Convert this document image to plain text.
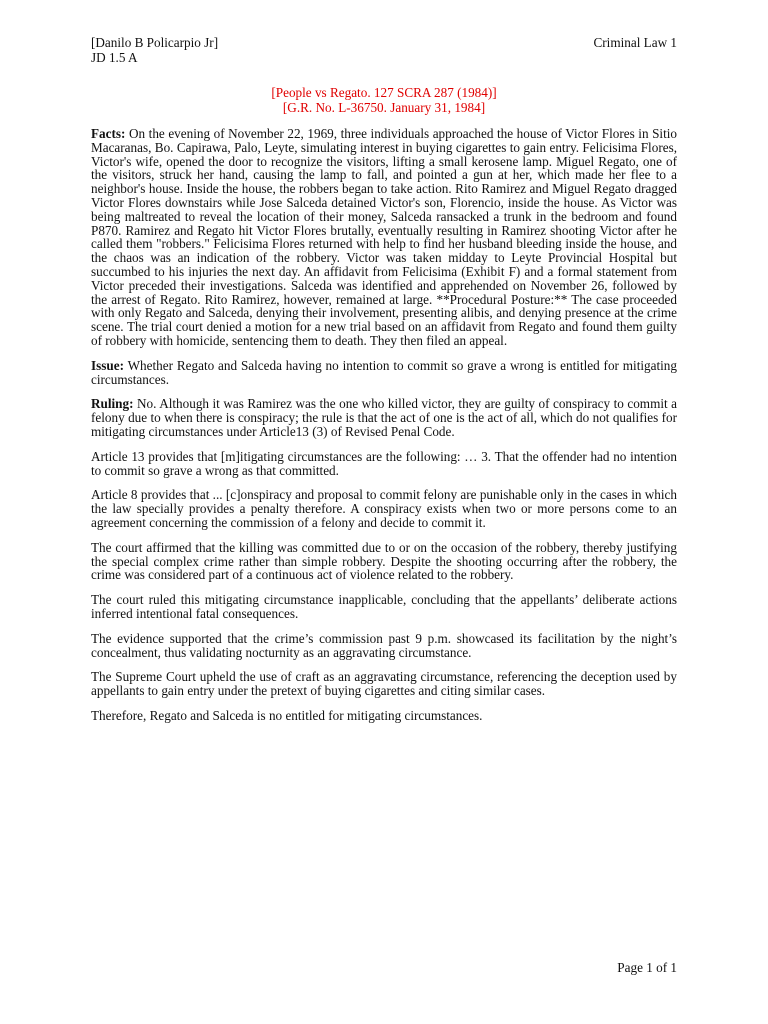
[Danilo B Policarpio Jr]
JD 1.5 A
Criminal Law 1
[People vs Regato. 127 SCRA 287 (1984)]
[G.R. No. L-36750. January 31, 1984]

Facts: On the evening of November 22, 1969, three individuals approached the house of Victor Flores in Sitio Macaranas, Bo. Capirawa, Palo, Leyte, simulating interest in buying cigarettes to gain entry. Felicisima Flores, Victor's wife, opened the door to recognize the visitors, lifting a small kerosene lamp. Miguel Regato, one of the visitors, struck her hand, causing the lamp to fall, and pointed a gun at her, which made her flee to a neighbor's house. Inside the house, the robbers began to take action. Rito Ramirez and Miguel Regato dragged Victor Flores downstairs while Jose Salceda detained Victor's son, Florencio, inside the house. As Victor was being maltreated to reveal the location of their money, Salceda ransacked a trunk in the bedroom and found P870. Ramirez and Regato hit Victor Flores brutally, eventually resulting in Ramirez shooting Victor after he called them "robbers." Felicisima Flores returned with help to find her husband bleeding inside the house, and the chaos was an indication of the robbery. Victor was taken midday to Leyte Provincial Hospital but succumbed to his injuries the next day. An affidavit from Felicisima (Exhibit F) and a formal statement from Victor preceded their investigations. Salceda was identified and apprehended on November 26, followed by the arrest of Regato. Rito Ramirez, however, remained at large. **Procedural Posture:** The case proceeded with only Regato and Salceda, denying their involvement, presenting alibis, and denying presence at the crime scene. The trial court denied a motion for a new trial based on an affidavit from Regato and found them guilty of robbery with homicide, sentencing them to death. They then filed an appeal.

Issue: Whether Regato and Salceda having no intention to commit so grave a wrong is entitled for mitigating circumstances.

Ruling: No. Although it was Ramirez was the one who killed victor, they are guilty of conspiracy to commit a felony due to when there is conspiracy; the rule is that the act of one is the act of all, which do not qualifies for mitigating circumstances under Article13 (3) of Revised Penal Code.

Article 13 provides that [m]itigating circumstances are the following: … 3. That the offender had no intention to commit so grave a wrong as that committed.

Article 8 provides that ... [c]onspiracy and proposal to commit felony are punishable only in the cases in which the law specially provides a penalty therefore. A conspiracy exists when two or more persons come to an agreement concerning the commission of a felony and decide to commit it.

The court affirmed that the killing was committed due to or on the occasion of the robbery, thereby justifying the special complex crime rather than simple robbery. Despite the shooting occurring after the robbery, the crime was considered part of a continuous act of violence related to the robbery.

The court ruled this mitigating circumstance inapplicable, concluding that the appellants’ deliberate actions inferred intentional fatal consequences.

The evidence supported that the crime’s commission past 9 p.m. showcased its facilitation by the night’s concealment, thus validating nocturnity as an aggravating circumstance.

The Supreme Court upheld the use of craft as an aggravating circumstance, referencing the deception used by appellants to gain entry under the pretext of buying cigarettes and citing similar cases.

Therefore, Regato and Salceda is no entitled for mitigating circumstances.

Page 1 of 1
